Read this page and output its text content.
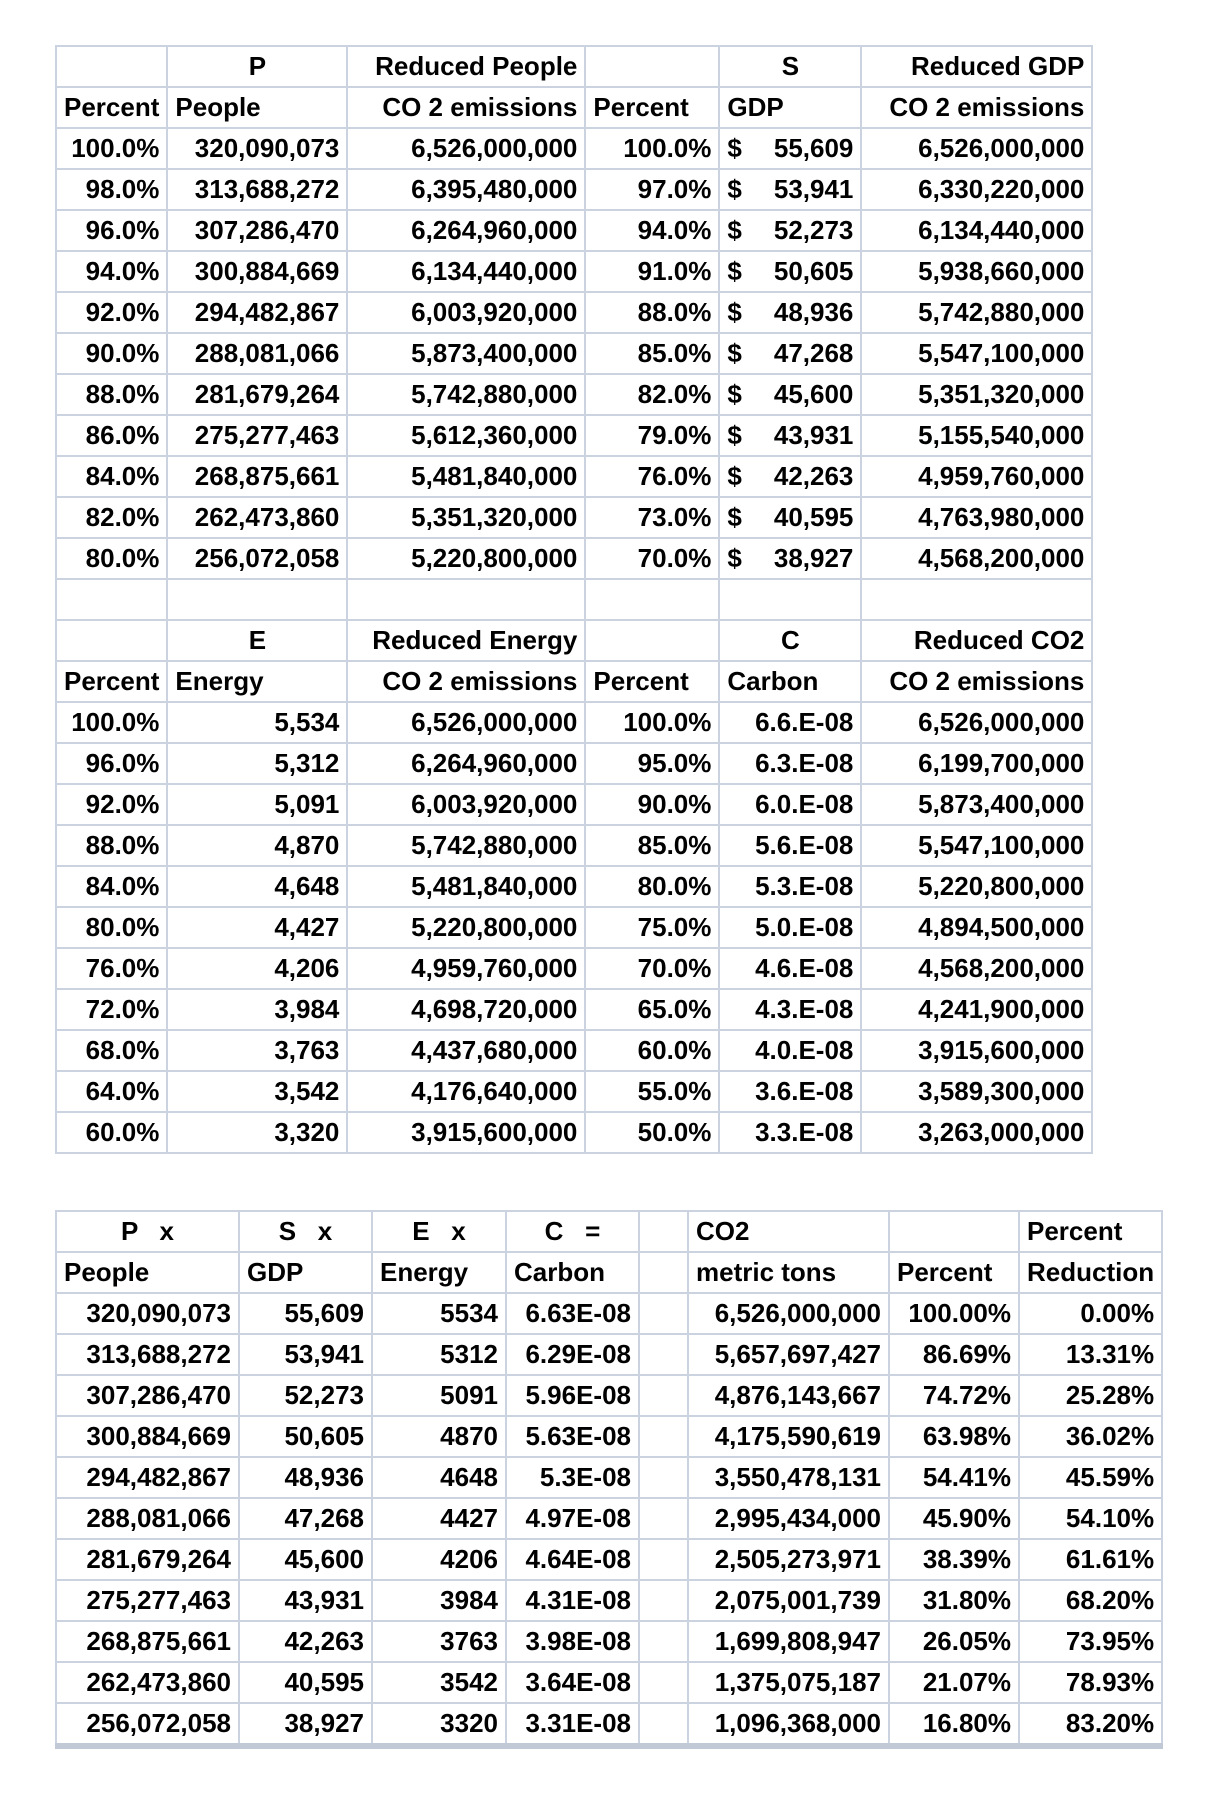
	P	Reduced People		S	Reduced GDP
Percent	People	CO 2 emissions	Percent	GDP	CO 2 emissions
100.0%	320,090,073	6,526,000,000	100.0%	$ 55,609	6,526,000,000
98.0%	313,688,272	6,395,480,000	97.0%	$ 53,941	6,330,220,000
96.0%	307,286,470	6,264,960,000	94.0%	$ 52,273	6,134,440,000
94.0%	300,884,669	6,134,440,000	91.0%	$ 50,605	5,938,660,000
92.0%	294,482,867	6,003,920,000	88.0%	$ 48,936	5,742,880,000
90.0%	288,081,066	5,873,400,000	85.0%	$ 47,268	5,547,100,000
88.0%	281,679,264	5,742,880,000	82.0%	$ 45,600	5,351,320,000
86.0%	275,277,463	5,612,360,000	79.0%	$ 43,931	5,155,540,000
84.0%	268,875,661	5,481,840,000	76.0%	$ 42,263	4,959,760,000
82.0%	262,473,860	5,351,320,000	73.0%	$ 40,595	4,763,980,000
80.0%	256,072,058	5,220,800,000	70.0%	$ 38,927	4,568,200,000

	E	Reduced Energy		C	Reduced CO2
Percent	Energy	CO 2 emissions	Percent	Carbon	CO 2 emissions
100.0%	5,534	6,526,000,000	100.0%	6.6.E-08	6,526,000,000
96.0%	5,312	6,264,960,000	95.0%	6.3.E-08	6,199,700,000
92.0%	5,091	6,003,920,000	90.0%	6.0.E-08	5,873,400,000
88.0%	4,870	5,742,880,000	85.0%	5.6.E-08	5,547,100,000
84.0%	4,648	5,481,840,000	80.0%	5.3.E-08	5,220,800,000
80.0%	4,427	5,220,800,000	75.0%	5.0.E-08	4,894,500,000
76.0%	4,206	4,959,760,000	70.0%	4.6.E-08	4,568,200,000
72.0%	3,984	4,698,720,000	65.0%	4.3.E-08	4,241,900,000
68.0%	3,763	4,437,680,000	60.0%	4.0.E-08	3,915,600,000
64.0%	3,542	4,176,640,000	55.0%	3.6.E-08	3,589,300,000
60.0%	3,320	3,915,600,000	50.0%	3.3.E-08	3,263,000,000
P   x	S   x	E   x	C   =		CO2		Percent
People	GDP	Energy	Carbon		metric tons	Percent	Reduction
320,090,073	55,609	5534	6.63E-08		6,526,000,000	100.00%	0.00%
313,688,272	53,941	5312	6.29E-08		5,657,697,427	86.69%	13.31%
307,286,470	52,273	5091	5.96E-08		4,876,143,667	74.72%	25.28%
300,884,669	50,605	4870	5.63E-08		4,175,590,619	63.98%	36.02%
294,482,867	48,936	4648	5.3E-08		3,550,478,131	54.41%	45.59%
288,081,066	47,268	4427	4.97E-08		2,995,434,000	45.90%	54.10%
281,679,264	45,600	4206	4.64E-08		2,505,273,971	38.39%	61.61%
275,277,463	43,931	3984	4.31E-08		2,075,001,739	31.80%	68.20%
268,875,661	42,263	3763	3.98E-08		1,699,808,947	26.05%	73.95%
262,473,860	40,595	3542	3.64E-08		1,375,075,187	21.07%	78.93%
256,072,058	38,927	3320	3.31E-08		1,096,368,000	16.80%	83.20%
